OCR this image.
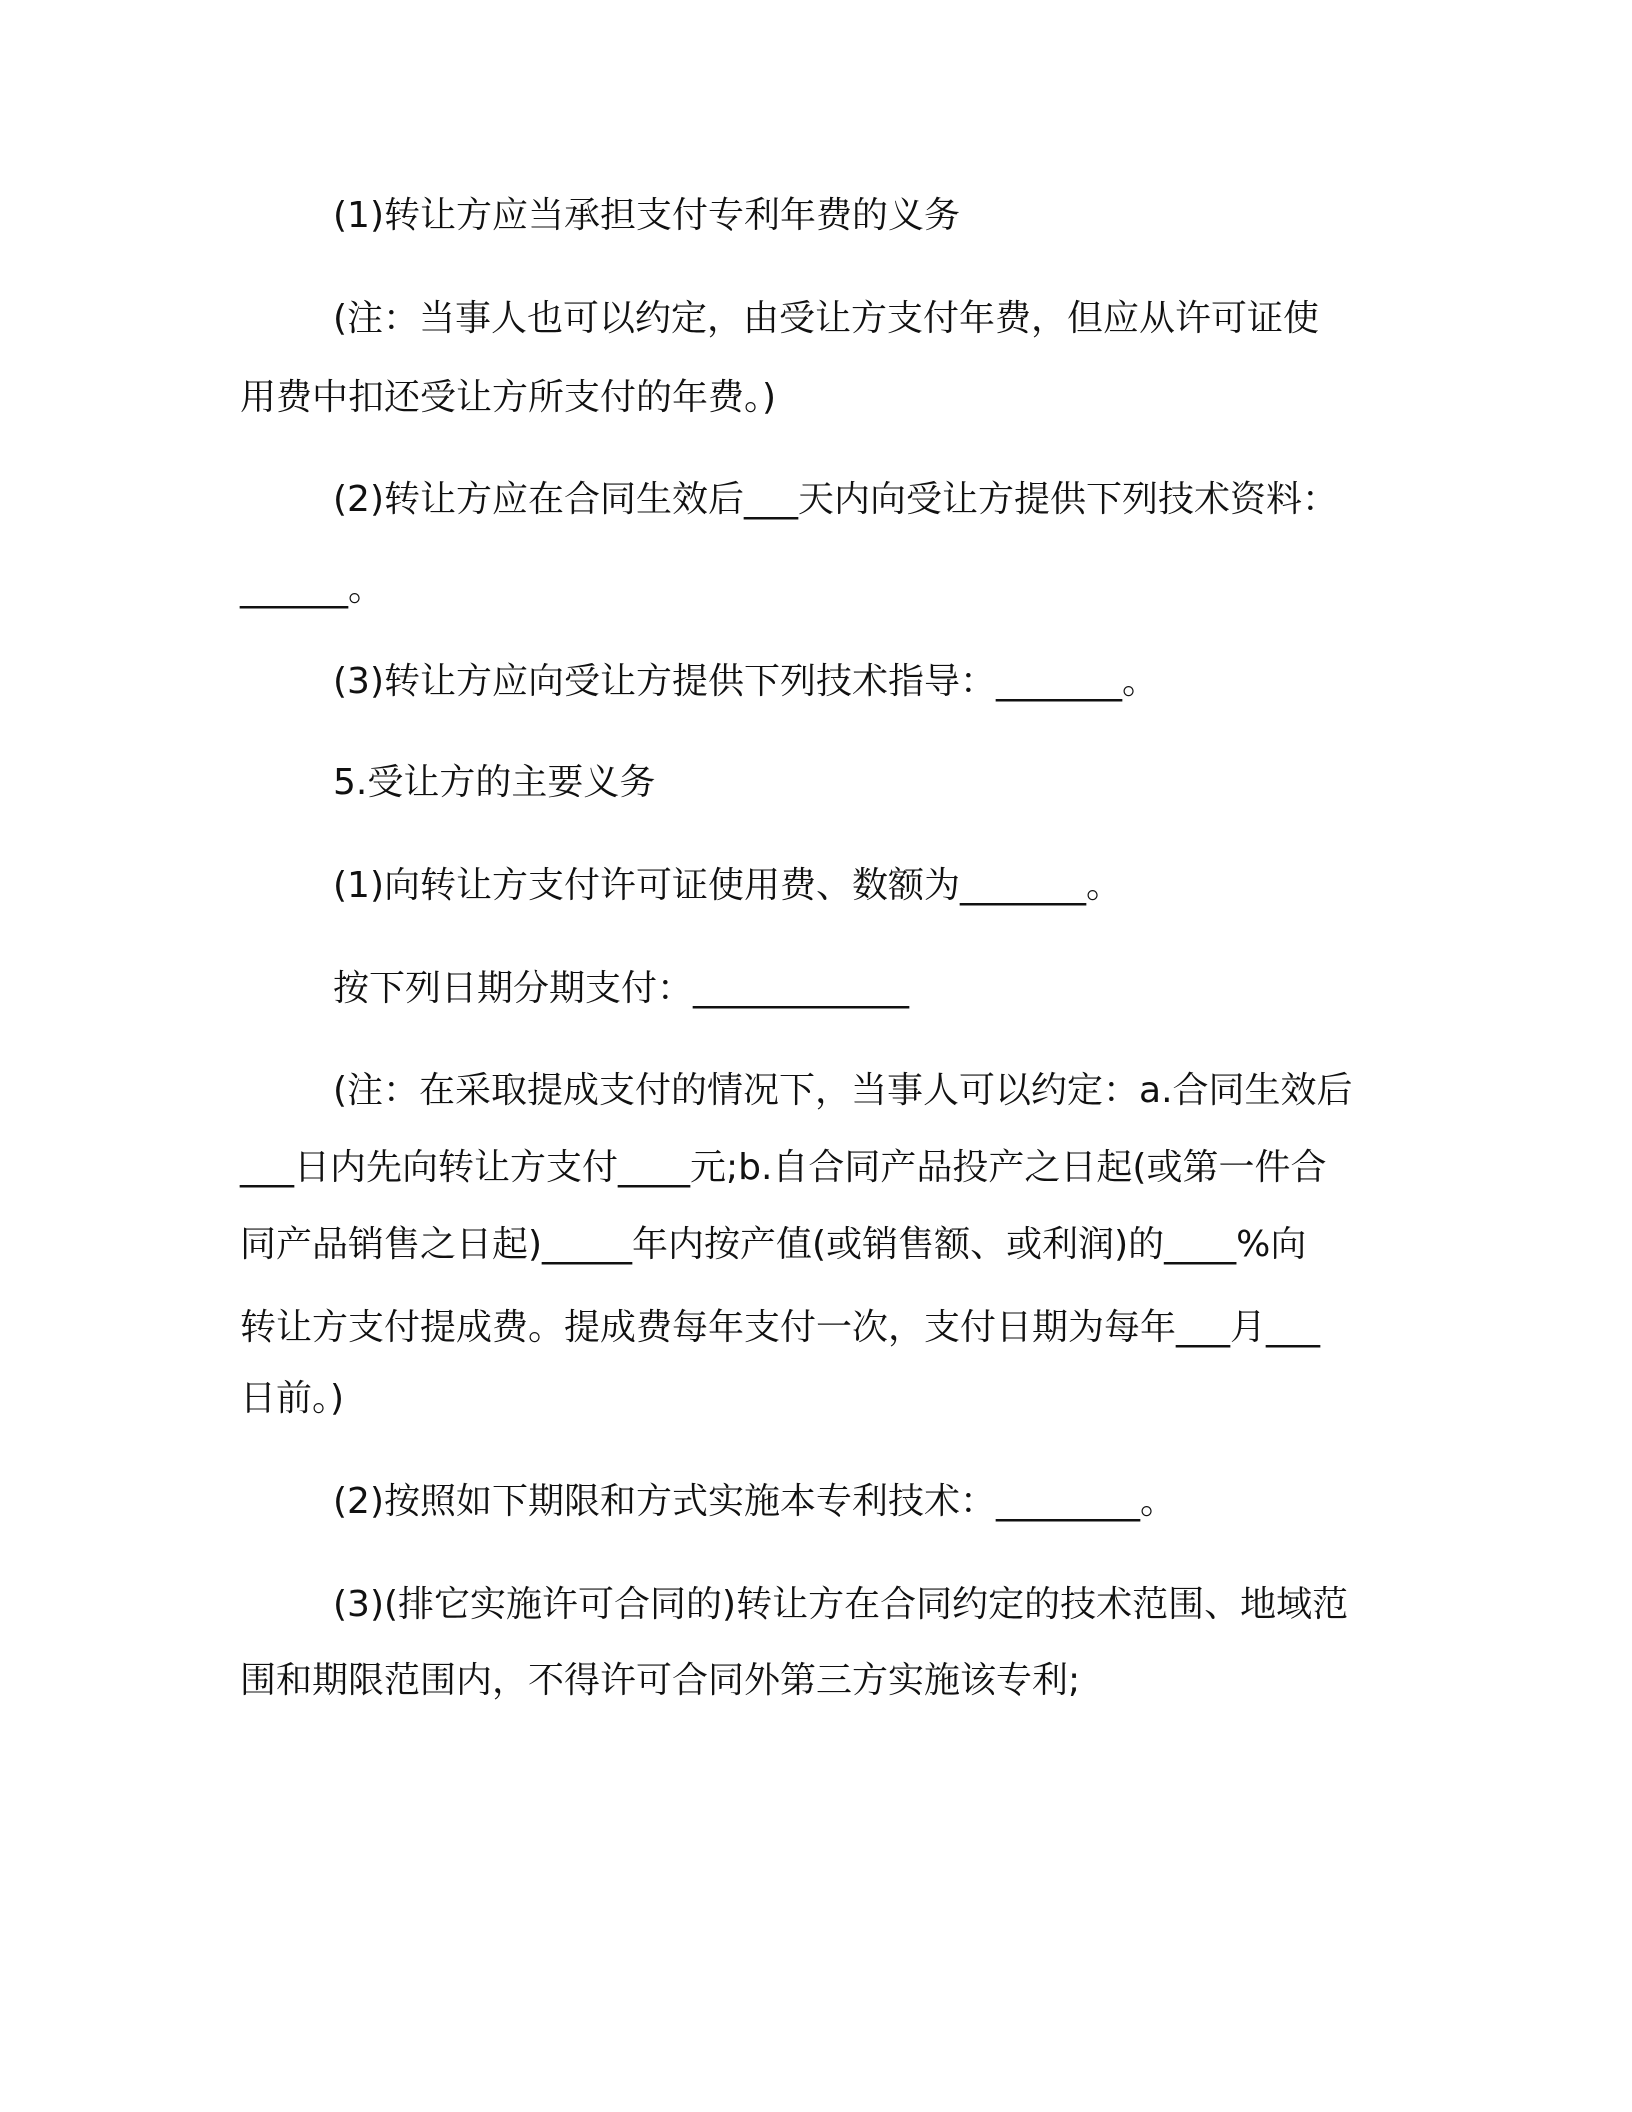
(1)转让方应当承担支付专利年费的义务

(注：当事人也可以约定，由受让方支付年费，但应从许可证使

用费中扣还受让方所支付的年费。)

(2)转让方应在合同生效后___天内向受让方提供下列技术资料：

______。

(3)转让方应向受让方提供下列技术指导：_______。

5.受让方的主要义务

(1)向转让方支付许可证使用费、数额为_______。

按下列日期分期支付：____________

(注：在采取提成支付的情况下，当事人可以约定：a.合同生效后

___日内先向转让方支付____元;b.自合同产品投产之日起(或第一件合

同产品销售之日起)_____年内按产值(或销售额、或利润)的____%向

转让方支付提成费。提成费每年支付一次，支付日期为每年___月___

日前。)

(2)按照如下期限和方式实施本专利技术：________。

(3)(排它实施许可合同的)转让方在合同约定的技术范围、地域范

围和期限范围内，不得许可合同外第三方实施该专利;
